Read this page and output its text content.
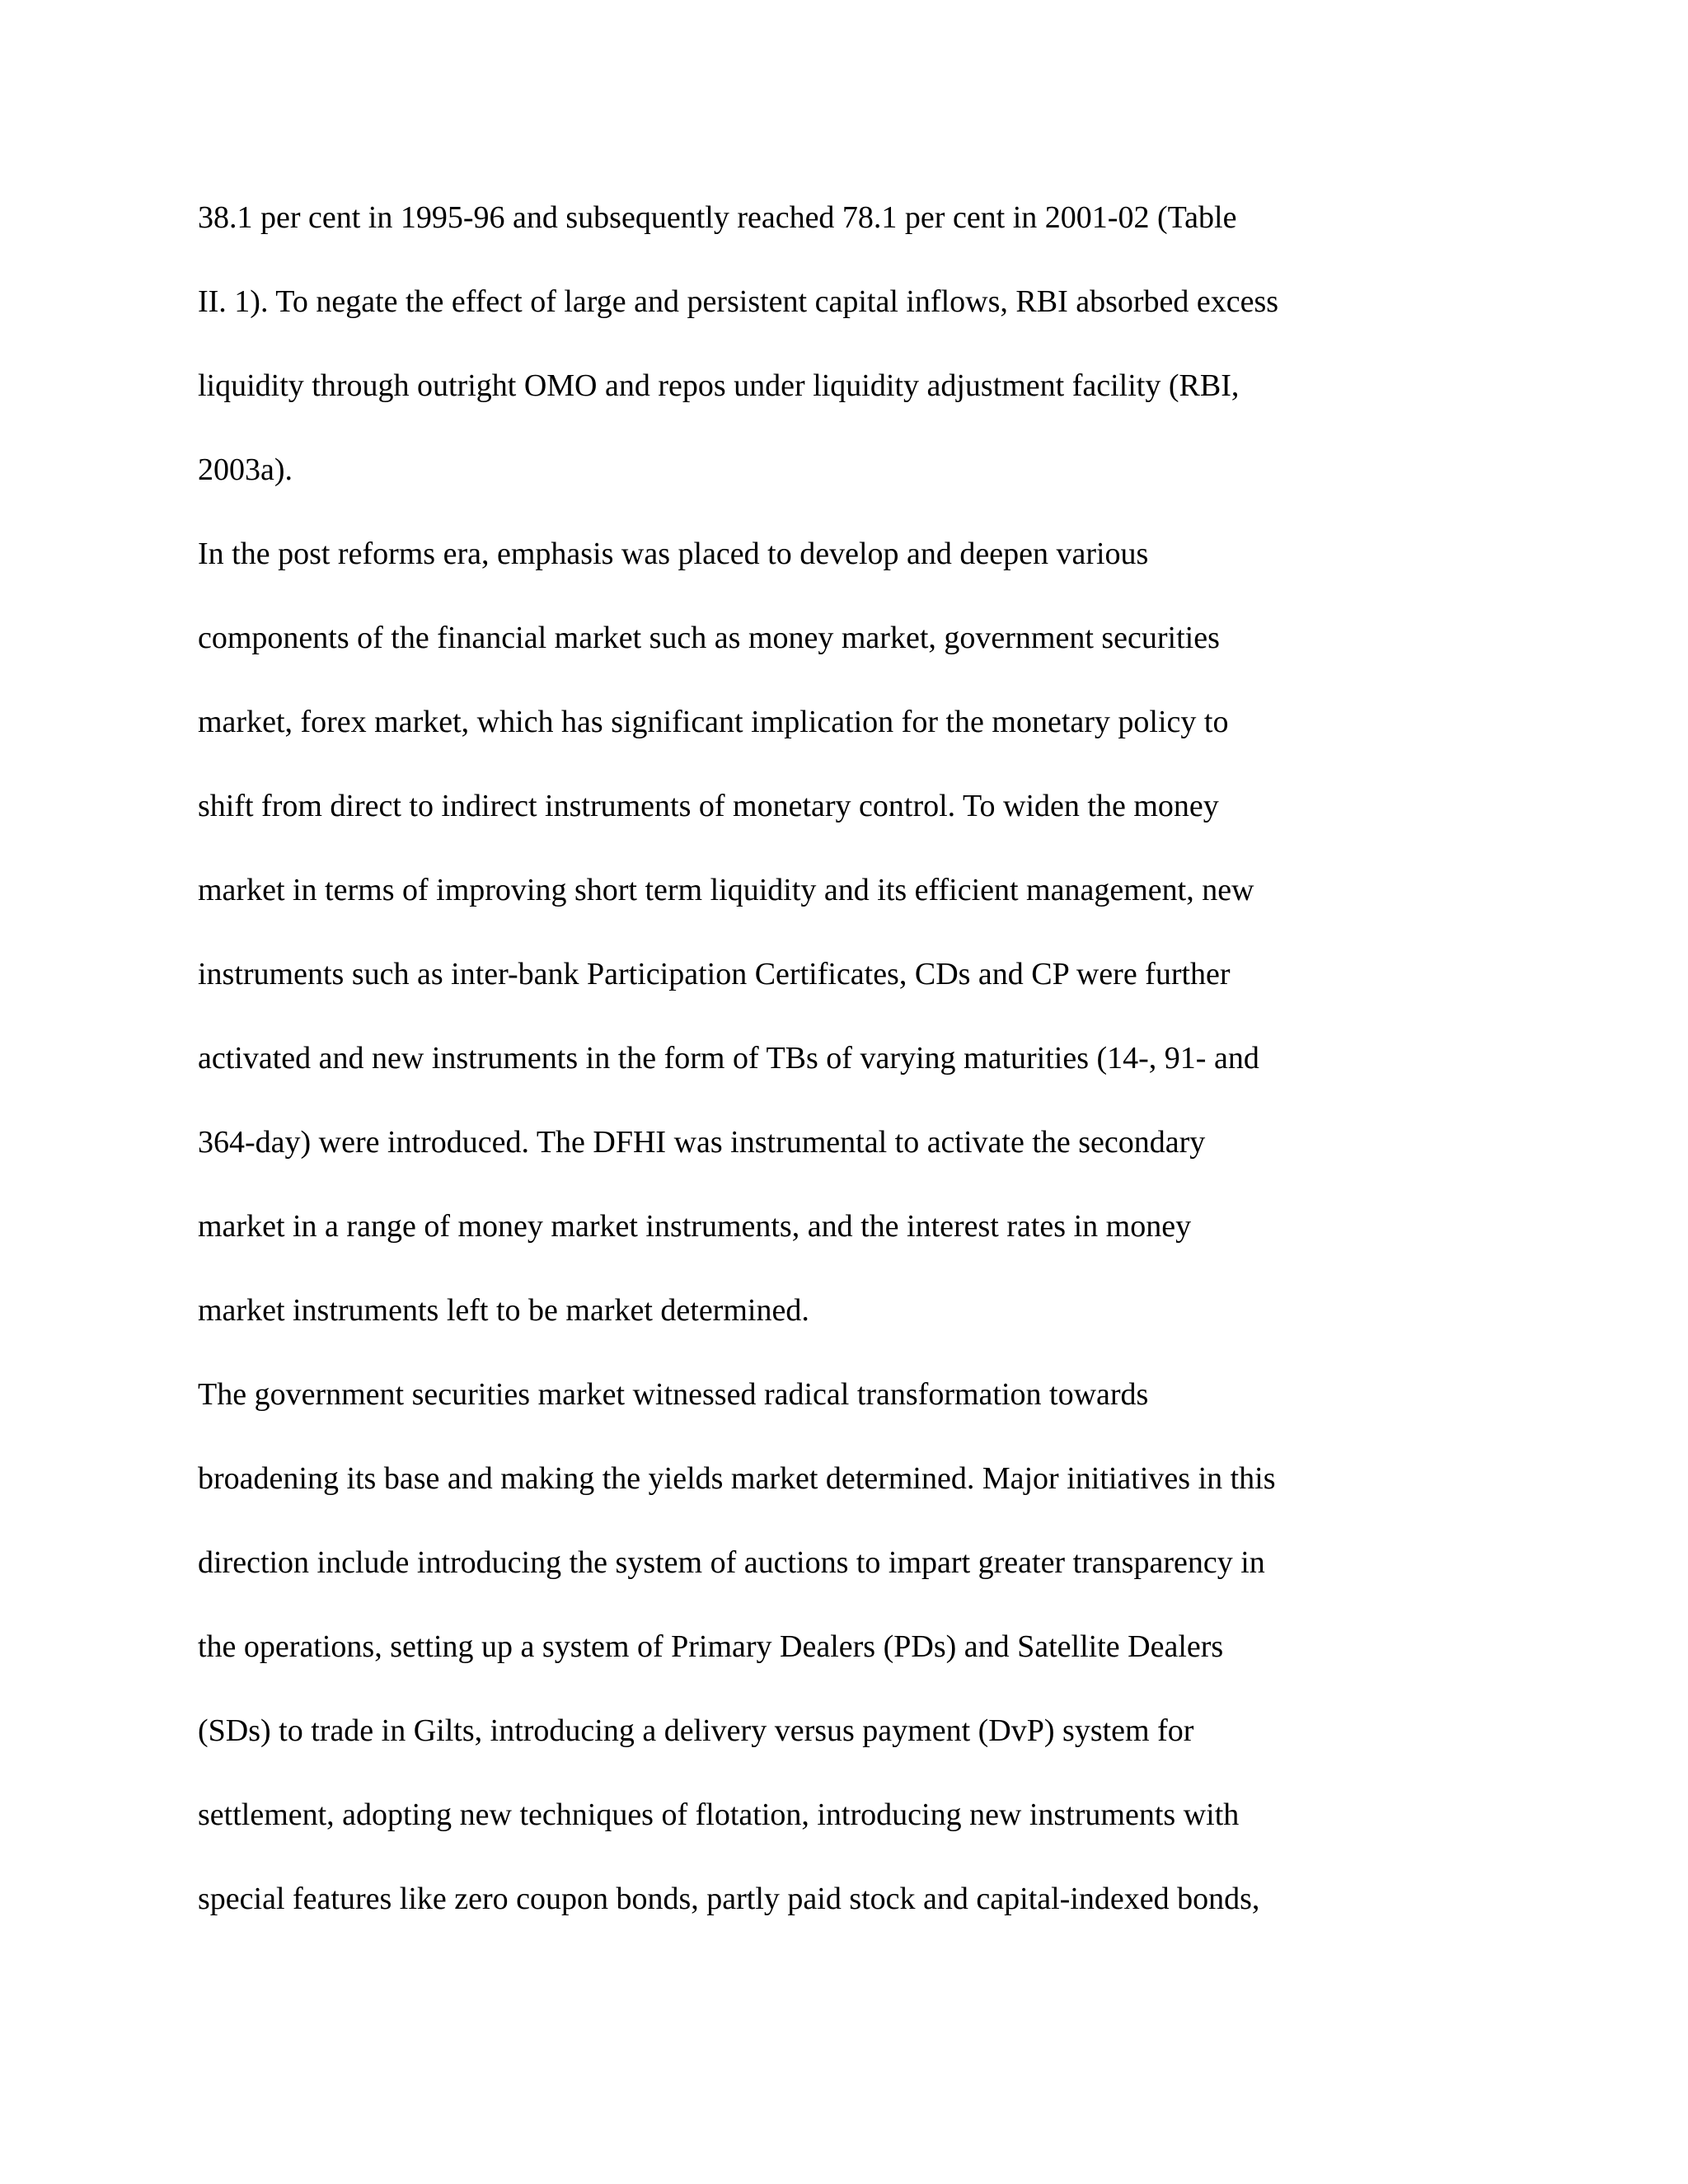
38.1 per cent in 1995-96 and subsequently reached 78.1 per cent in 2001-02 (Table
II. 1). To negate the effect of large and persistent capital inflows, RBI absorbed excess
liquidity through outright OMO and repos under liquidity adjustment facility (RBI,
2003a).
In the post reforms era, emphasis was placed to develop and deepen various
components of the financial market such as money market, government securities
market, forex market, which has significant implication for the monetary policy to
shift from direct to indirect instruments of monetary control. To widen the money
market in terms of improving short term liquidity and its efficient management, new
instruments such as inter-bank Participation Certificates, CDs and CP were further
activated and new instruments in the form of TBs of varying maturities (14-, 91- and
364-day) were introduced. The DFHI was instrumental to activate the secondary
market in a range of money market instruments, and the interest rates in money
market instruments left to be market determined.
The government securities market witnessed radical transformation towards
broadening its base and making the yields market determined. Major initiatives in this
direction include introducing the system of auctions to impart greater transparency in
the operations, setting up a system of Primary Dealers (PDs) and Satellite Dealers
(SDs) to trade in Gilts, introducing a delivery versus payment (DvP) system for
settlement, adopting new techniques of flotation, introducing new instruments with
special features like zero coupon bonds, partly paid stock and capital-indexed bonds,
